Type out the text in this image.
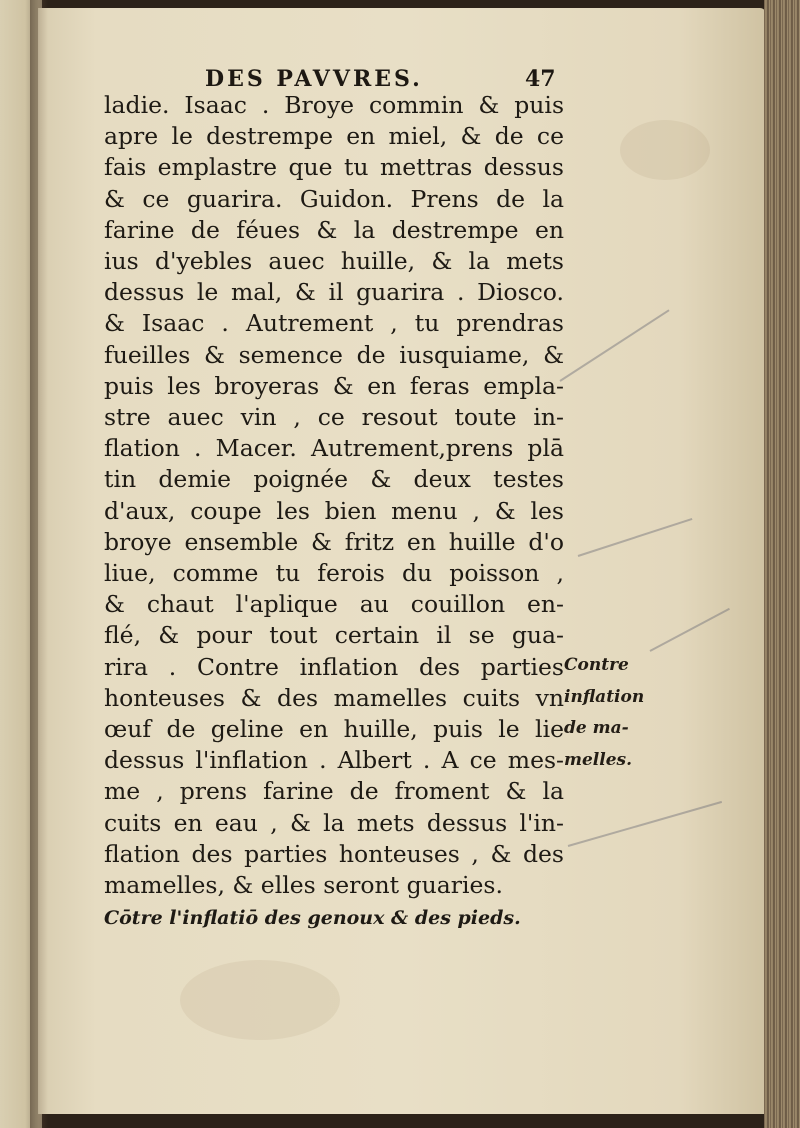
DES PAVVRES.	47
ladie. Isaac . Broye commin & puis
apre le destrempe en miel, & de ce
fais emplastre que tu mettras dessus
& ce guarira. Guidon. Prens de la
farine de féues & la destrempe en
ius d'yebles auec huille, & la mets
dessus le mal, & il guarira . Diosco.
& Isaac . Autrement , tu prendras
fueilles & semence de iusquiame, &
puis les broyeras & en feras empla-
stre auec vin , ce resout toute in-
flation . Macer. Autrement,prens plā
tin demie poignée & deux testes
d'aux, coupe les bien menu , & les
broye ensemble & fritz en huille d'o
liue, comme tu ferois du poisson ,
& chaut l'aplique au couillon en-
flé, & pour tout certain il se gua-
rira . Contre inflation des parties
honteuses & des mamelles cuits vn
œuf de geline en huille, puis le lie
dessus l'inflation . Albert . A ce mes-
me , prens farine de froment & la
cuits en eau , & la mets dessus l'in-
flation des parties honteuses , & des
mamelles, & elles seront guaries.
Cōtre l'inflatiō des genoux & des pieds.
Contre
inflation
de ma-
melles.
